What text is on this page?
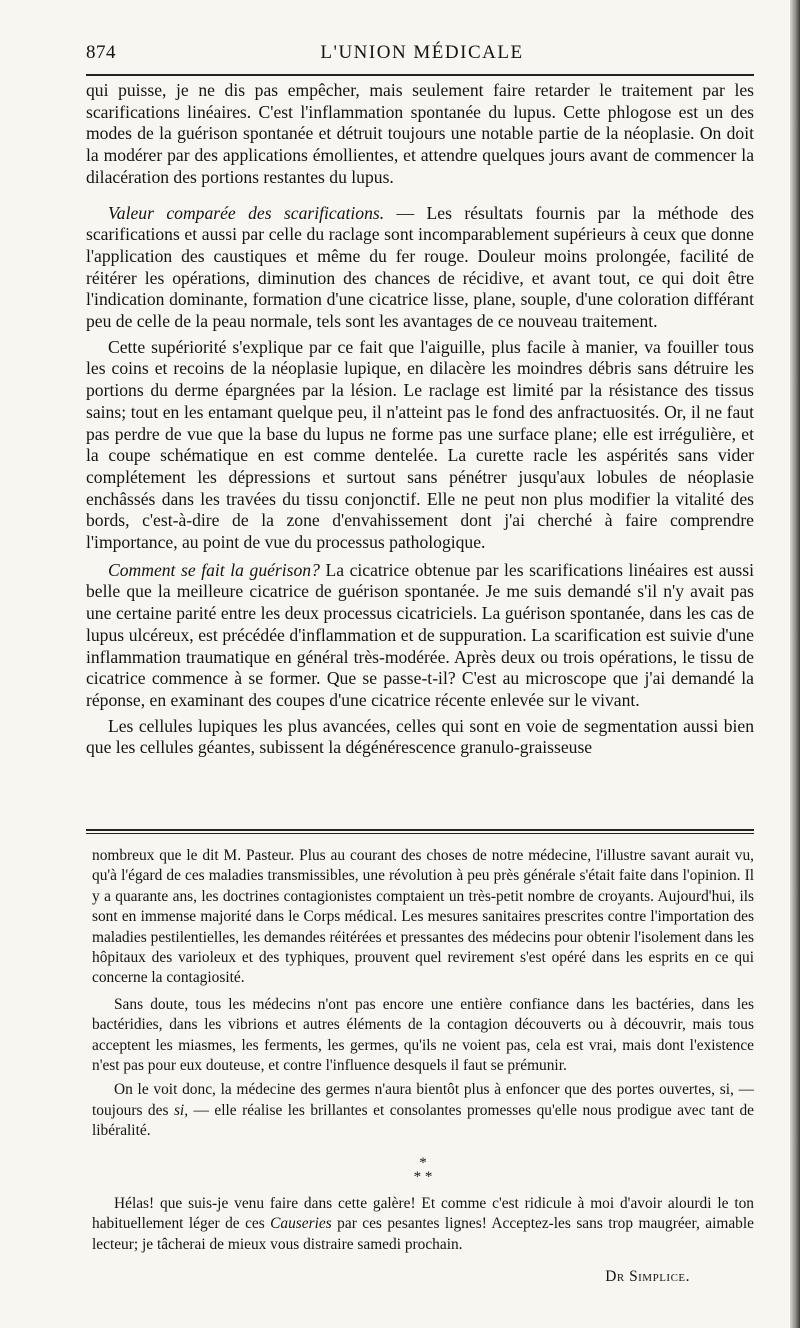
874	L'UNION MÉDICALE

qui puisse, je ne dis pas empêcher, mais seulement faire retarder le traitement par les scarifications linéaires. C'est l'inflammation spontanée du lupus. Cette phlogose est un des modes de la guérison spontanée et détruit toujours une notable partie de la néoplasie. On doit la modérer par des applications émollientes, et attendre quelques jours avant de commencer la dilacération des portions restantes du lupus.

Valeur comparée des scarifications. — Les résultats fournis par la méthode des scarifications et aussi par celle du raclage sont incomparablement supérieurs à ceux que donne l'application des caustiques et même du fer rouge. Douleur moins prolongée, facilité de réitérer les opérations, diminution des chances de récidive, et avant tout, ce qui doit être l'indication dominante, formation d'une cicatrice lisse, plane, souple, d'une coloration différant peu de celle de la peau normale, tels sont les avantages de ce nouveau traitement.

Cette supériorité s'explique par ce fait que l'aiguille, plus facile à manier, va fouiller tous les coins et recoins de la néoplasie lupique, en dilacère les moindres débris sans détruire les portions du derme épargnées par la lésion. Le raclage est limité par la résistance des tissus sains; tout en les entamant quelque peu, il n'atteint pas le fond des anfractuosités. Or, il ne faut pas perdre de vue que la base du lupus ne forme pas une surface plane; elle est irrégulière, et la coupe schématique en est comme dentelée. La curette racle les aspérités sans vider complétement les dépressions et surtout sans pénétrer jusqu'aux lobules de néoplasie enchâssés dans les travées du tissu conjonctif. Elle ne peut non plus modifier la vitalité des bords, c'est-à-dire de la zone d'envahissement dont j'ai cherché à faire comprendre l'importance, au point de vue du processus pathologique.

Comment se fait la guérison? La cicatrice obtenue par les scarifications linéaires est aussi belle que la meilleure cicatrice de guérison spontanée. Je me suis demandé s'il n'y avait pas une certaine parité entre les deux processus cicatriciels. La guérison spontanée, dans les cas de lupus ulcéreux, est précédée d'inflammation et de suppuration. La scarification est suivie d'une inflammation traumatique en général très-modérée. Après deux ou trois opérations, le tissu de cicatrice commence à se former. Que se passe-t-il? C'est au microscope que j'ai demandé la réponse, en examinant des coupes d'une cicatrice récente enlevée sur le vivant.

Les cellules lupiques les plus avancées, celles qui sont en voie de segmentation aussi bien que les cellules géantes, subissent la dégénérescence granulo-graisseuse

nombreux que le dit M. Pasteur. Plus au courant des choses de notre médecine, l'illustre savant aurait vu, qu'à l'égard de ces maladies transmissibles, une révolution à peu près générale s'était faite dans l'opinion. Il y a quarante ans, les doctrines contagionistes comptaient un très-petit nombre de croyants. Aujourd'hui, ils sont en immense majorité dans le Corps médical. Les mesures sanitaires prescrites contre l'importation des maladies pestilentielles, les demandes réitérées et pressantes des médecins pour obtenir l'isolement dans les hôpitaux des varioleux et des typhiques, prouvent quel revirement s'est opéré dans les esprits en ce qui concerne la contagiosité.

Sans doute, tous les médecins n'ont pas encore une entière confiance dans les bactéries, dans les bactéridies, dans les vibrions et autres éléments de la contagion découverts ou à découvrir, mais tous acceptent les miasmes, les ferments, les germes, qu'ils ne voient pas, cela est vrai, mais dont l'existence n'est pas pour eux douteuse, et contre l'influence desquels il faut se prémunir.

On le voit donc, la médecine des germes n'aura bientôt plus à enfoncer que des portes ouvertes, si, — toujours des si, — elle réalise les brillantes et consolantes promesses qu'elle nous prodigue avec tant de libéralité.

*
* *

Hélas! que suis-je venu faire dans cette galère! Et comme c'est ridicule à moi d'avoir alourdi le ton habituellement léger de ces Causeries par ces pesantes lignes! Acceptez-les sans trop maugréer, aimable lecteur; je tâcherai de mieux vous distraire samedi prochain.

Dr Simplice.
